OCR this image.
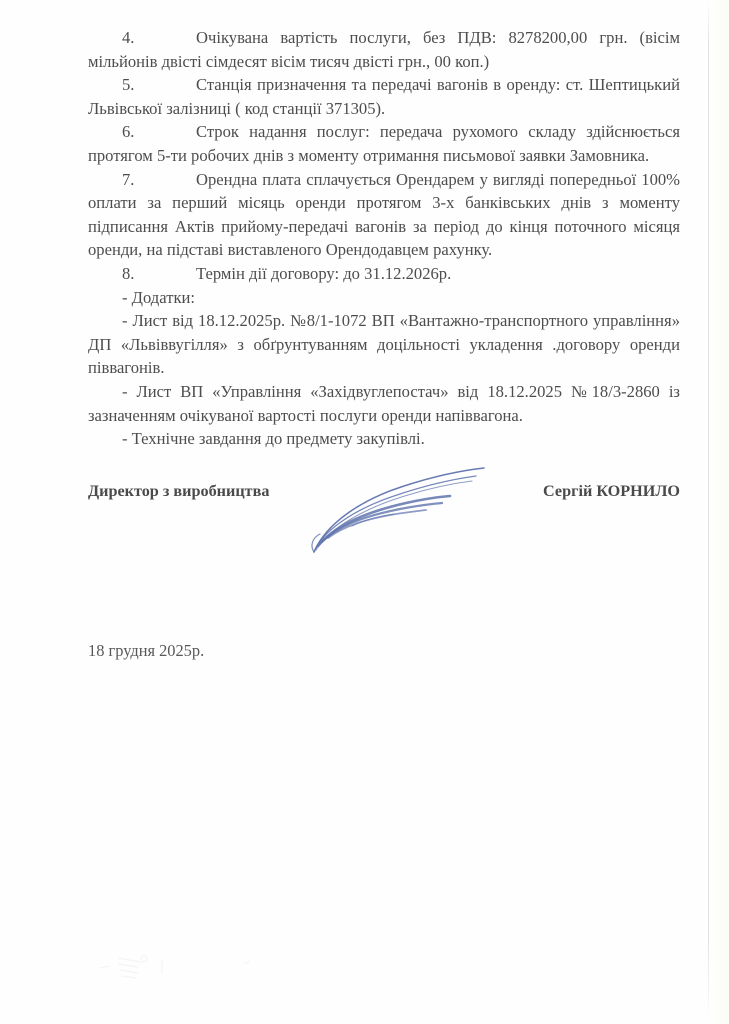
4.	Очікувана вартість послуги, без ПДВ: 8278200,00 грн. (вісім мільйонів двісті сімдесят вісім тисяч двісті грн., 00 коп.)

5.	Станція призначення та передачі вагонів в оренду: ст. Шептицький Львівської залізниці ( код станції 371305).

6.	Строк надання послуг: передача рухомого складу здійснюється протягом 5-ти робочих днів з моменту отримання письмової заявки Замовника.

7.	Орендна плата сплачується Орендарем у вигляді попередньої 100% оплати за перший місяць оренди протягом 3-х банківських днів з моменту підписання Актів прийому-передачі вагонів за період до кінця поточного місяця оренди, на підставі виставленого Орендодавцем рахунку.

8.	Термін дії договору: до 31.12.2026р.

- Додатки:

- Лист від 18.12.2025р. №8/1-1072 ВП «Вантажно-транспортного управління» ДП «Львіввугілля» з обґрунтуванням доцільності укладення .договору оренди піввагонів.

- Лист ВП «Управління «Західвуглепостач» від 18.12.2025 №18/3-2860 із зазначенням очікуваної вартості послуги оренди напіввагона.

- Технічне завдання до предмету закупівлі.

Директор з виробництва	Сергій КОРНИЛО
18 грудня 2025р.
